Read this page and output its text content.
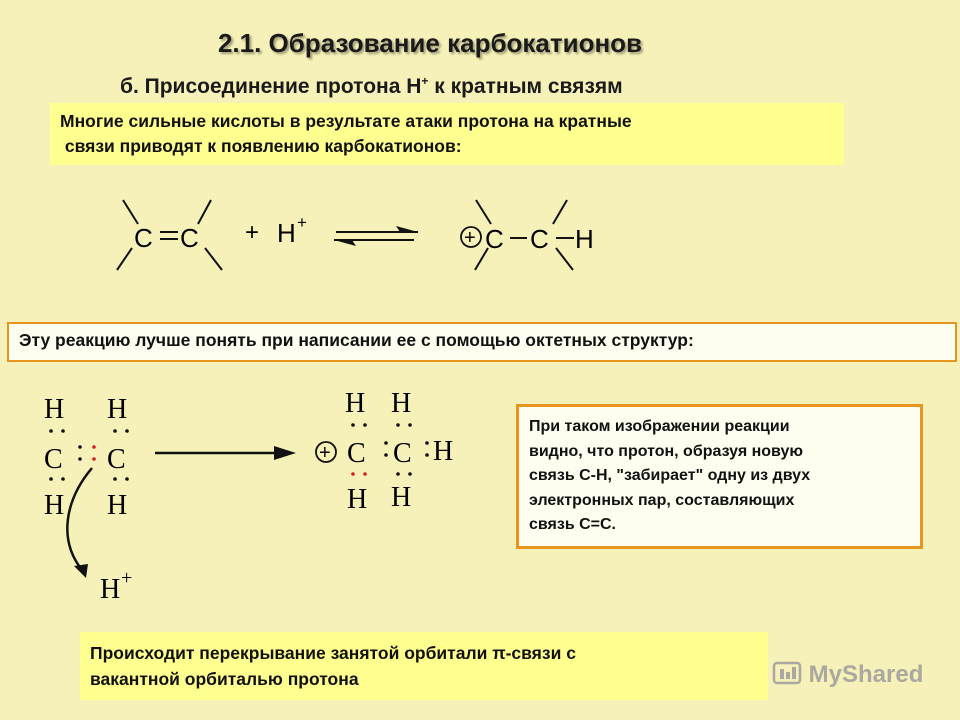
2.1. Образование карбокатионов
б. Присоединение протона Н+ к кратным связям
Многие сильные кислоты в результате атаки протона на кратные
связи приводят к появлению карбокатионов:
C C + H +
+ C C H
Эту реакцию лучше понять при написании ее с помощью октетных структур:
H H
C C
H H
H +
H H
+ C C H
H H
При таком изображении реакции
видно, что протон, образуя новую
связь С-Н, "забирает" одну из двух
электронных пар, составляющих
связь С=С.
Происходит перекрывание занятой орбитали π-связи с
вакантной орбиталью протона	MyShared
